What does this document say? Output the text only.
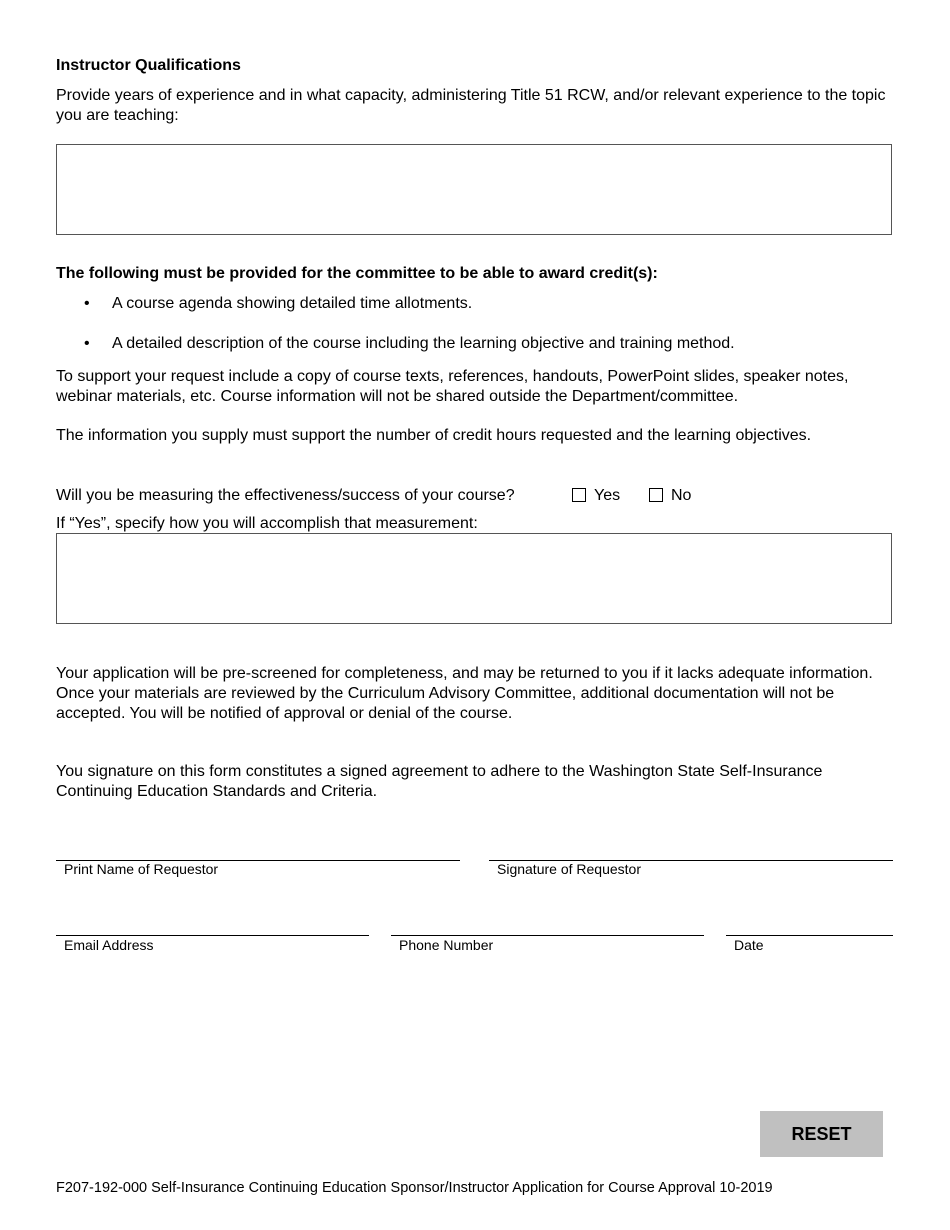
Instructor Qualifications
Provide years of experience and in what capacity, administering Title 51 RCW, and/or relevant experience to the topic you are teaching:
The following must be provided for the committee to be able to award credit(s):
• A course agenda showing detailed time allotments.
• A detailed description of the course including the learning objective and training method.
To support your request include a copy of course texts, references, handouts, PowerPoint slides, speaker notes, webinar materials, etc. Course information will not be shared outside the Department/committee.
The information you supply must support the number of credit hours requested and the learning objectives.
Will you be measuring the effectiveness/success of your course?	Yes	No
If “Yes”, specify how you will accomplish that measurement:
Your application will be pre-screened for completeness, and may be returned to you if it lacks adequate information. Once your materials are reviewed by the Curriculum Advisory Committee, additional documentation will not be accepted. You will be notified of approval or denial of the course.
You signature on this form constitutes a signed agreement to adhere to the Washington State Self-Insurance Continuing Education Standards and Criteria.
Print Name of Requestor	Signature of Requestor
Email Address	Phone Number	Date
RESET
F207-192-000 Self-Insurance Continuing Education Sponsor/Instructor Application for Course Approval 10-2019
